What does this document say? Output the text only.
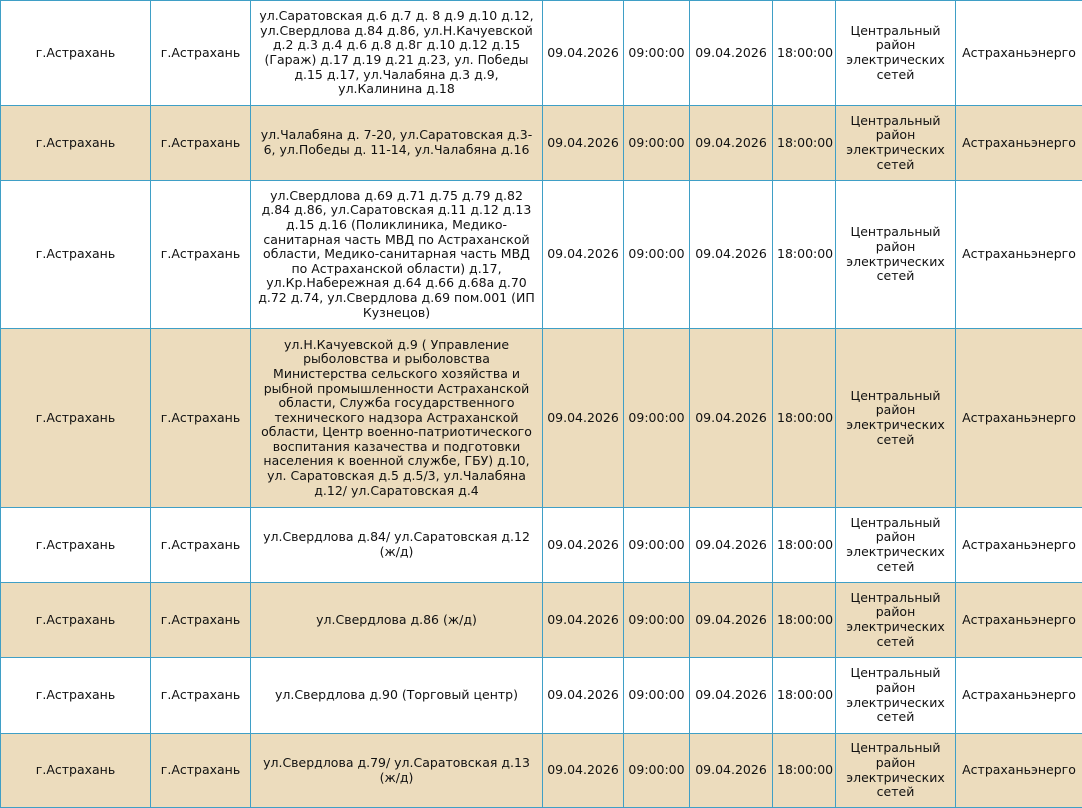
г.Астрахань	г.Астрахань	ул.Саратовская д.6 д.7 д. 8 д.9 д.10 д.12, ул.Свердлова д.84 д.86, ул.Н.Качуевской д.2 д.3 д.4 д.6 д.8 д.8г д.10 д.12 д.15 (Гараж) д.17 д.19 д.21 д.23, ул. Победы д.15 д.17, ул.Чалабяна д.3 д.9, ул.Калинина д.18	09.04.2026	09:00:00	09.04.2026	18:00:00	Центральный район электрических сетей	Астраханьэнерго
г.Астрахань	г.Астрахань	ул.Чалабяна д. 7-20, ул.Саратовская д.3-6, ул.Победы д. 11-14, ул.Чалабяна д.16	09.04.2026	09:00:00	09.04.2026	18:00:00	Центральный район электрических сетей	Астраханьэнерго
г.Астрахань	г.Астрахань	ул.Свердлова д.69 д.71 д.75 д.79 д.82 д.84 д.86, ул.Саратовская д.11 д.12 д.13 д.15 д.16 (Поликлиника, Медико-санитарная часть МВД по Астраханской области, Медико-санитарная часть МВД по Астраханской области) д.17, ул.Кр.Набережная д.64 д.66 д.68а д.70 д.72 д.74, ул.Свердлова д.69 пом.001 (ИП Кузнецов)	09.04.2026	09:00:00	09.04.2026	18:00:00	Центральный район электрических сетей	Астраханьэнерго
г.Астрахань	г.Астрахань	ул.Н.Качуевской д.9 ( Управление рыболовства и рыболовства Министерства сельского хозяйства и рыбной промышленности Астраханской области, Служба государственного технического надзора Астраханской области, Центр военно-патриотического воспитания казачества и подготовки населения к военной службе, ГБУ) д.10, ул. Саратовская д.5 д.5/3, ул.Чалабяна д.12/ ул.Саратовская д.4	09.04.2026	09:00:00	09.04.2026	18:00:00	Центральный район электрических сетей	Астраханьэнерго
г.Астрахань	г.Астрахань	ул.Свердлова д.84/ ул.Саратовская д.12 (ж/д)	09.04.2026	09:00:00	09.04.2026	18:00:00	Центральный район электрических сетей	Астраханьэнерго
г.Астрахань	г.Астрахань	ул.Свердлова д.86 (ж/д)	09.04.2026	09:00:00	09.04.2026	18:00:00	Центральный район электрических сетей	Астраханьэнерго
г.Астрахань	г.Астрахань	ул.Свердлова д.90 (Торговый центр)	09.04.2026	09:00:00	09.04.2026	18:00:00	Центральный район электрических сетей	Астраханьэнерго
г.Астрахань	г.Астрахань	ул.Свердлова д.79/ ул.Саратовская д.13 (ж/д)	09.04.2026	09:00:00	09.04.2026	18:00:00	Центральный район электрических сетей	Астраханьэнерго
